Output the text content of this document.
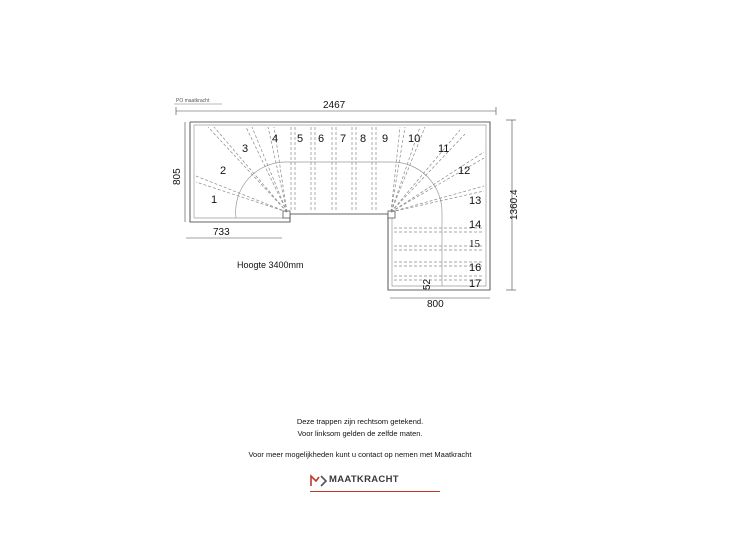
PO maatkracht	2467
805
1360.4
733
800
52
1
2
3
4 5 6 7 8 9 10
11
12
13
14
15
16
17
Hoogte 3400mm

Deze trappen zijn rechtsom getekend.

Voor linksom gelden de zelfde maten.

Voor meer mogelijkheden kunt u contact op nemen met Maatkracht

MAATKRACHT
